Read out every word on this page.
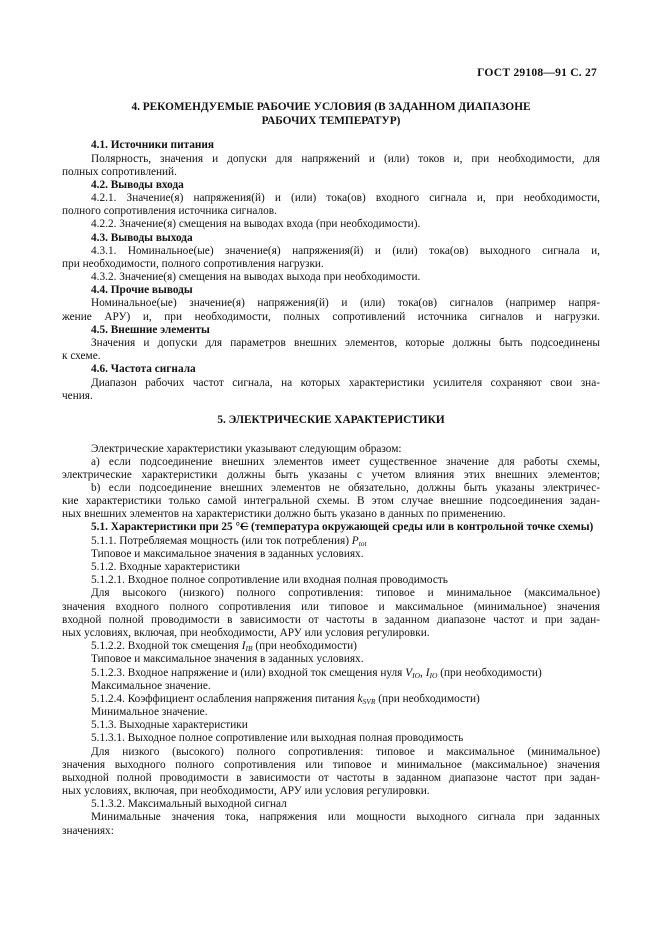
ГОСТ 29108—91 С. 27
4. РЕКОМЕНДУЕМЫЕ РАБОЧИЕ УСЛОВИЯ (В ЗАДАННОМ ДИАПАЗОНЕ
РАБОЧИХ ТЕМПЕРАТУР)
4.1. Источники питания
Полярность, значения и допуски для напряжений и (или) токов и, при необходимости, для
полных сопротивлений.
4.2. Выводы входа
4.2.1. Значение(я) напряжения(й) и (или) тока(ов) входного сигнала и, при необходимости,
полного сопротивления источника сигналов.
4.2.2. Значение(я) смещения на выводах входа (при необходимости).
4.3. Выводы выхода
4.3.1. Номинальное(ые) значение(я) напряжения(й) и (или) тока(ов) выходного сигнала и,
при необходимости, полного сопротивления нагрузки.
4.3.2. Значение(я) смещения на выводах выхода при необходимости.
4.4. Прочие выводы
Номинальное(ые) значение(я) напряжения(й) и (или) тока(ов) сигналов (например напря-
жение АРУ) и, при необходимости, полных сопротивлений источника сигналов и нагрузки.
4.5. Внешние элементы
Значения и допуски для параметров внешних элементов, которые должны быть подсоединены
к схеме.
4.6. Частота сигнала
Диапазон рабочих частот сигнала, на которых характеристики усилителя сохраняют свои зна-
чения.
5. ЭЛЕКТРИЧЕСКИЕ ХАРАКТЕРИСТИКИ
Электрические характеристики указывают следующим образом:
а) если подсоединение внешних элементов имеет существенное значение для работы схемы,
электрические характеристики должны быть указаны с учетом влияния этих внешних элементов;
b) если подсоединение внешних элементов не обязательно, должны быть указаны электричес-
кие характеристики только самой интегральной схемы. В этом случае внешние подсоединения задан-
ных внешних элементов на характеристики должно быть указано в данных по применению.
5.1. Характеристики при 25 °С (температура окружающей среды или в контрольной точке схемы)
5.1.1. Потребляемая мощность (или ток потребления) $P_{tot}$
Типовое и максимальное значения в заданных условиях.
5.1.2. Входные характеристики
5.1.2.1. Входное полное сопротивление или входная полная проводимость
Для высокого (низкого) полного сопротивления: типовое и минимальное (максимальное)
значения входного полного сопротивления или типовое и максимальное (минимальное) значения
входной полной проводимости в зависимости от частоты в заданном диапазоне частот и при задан-
ных условиях, включая, при необходимости, АРУ или условия регулировки.
5.1.2.2. Входной ток смещения $I_{IB}$ (при необходимости)
Типовое и максимальное значения в заданных условиях.
5.1.2.3. Входное напряжение и (или) входной ток смещения нуля $V_{IO}$, $I_{IO}$ (при необходимости)
Максимальное значение.
5.1.2.4. Коэффициент ослабления напряжения питания $k_{SVR}$ (при необходимости)
Минимальное значение.
5.1.3. Выходные характеристики
5.1.3.1. Выходное полное сопротивление или выходная полная проводимость
Для низкого (высокого) полного сопротивления: типовое и максимальное (минимальное)
значения выходного полного сопротивления или типовое и минимальное (максимальное) значения
выходной полной проводимости в зависимости от частоты в заданном диапазоне частот при задан-
ных условиях, включая, при необходимости, АРУ или условия регулировки.
5.1.3.2. Максимальный выходной сигнал
Минимальные значения тока, напряжения или мощности выходного сигнала при заданных
значениях:
